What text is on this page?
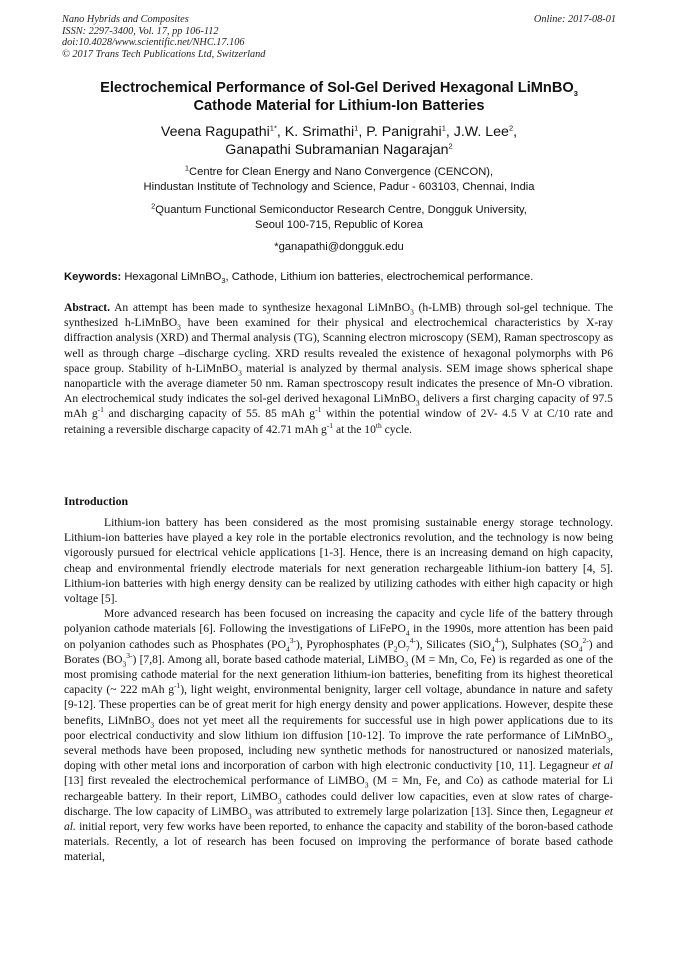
Nano Hybrids and Composites
ISSN: 2297-3400, Vol. 17, pp 106-112
doi:10.4028/www.scientific.net/NHC.17.106
© 2017 Trans Tech Publications Ltd, Switzerland
Online: 2017-08-01
Electrochemical Performance of Sol-Gel Derived Hexagonal LiMnBO$_3$
Cathode Material for Lithium-Ion Batteries
Veena Ragupathi$^{1*}$, K. Srimathi$^1$, P. Panigrahi$^1$, J.W. Lee$^2$,
Ganapathi Subramanian Nagarajan$^2$
$^1$Centre for Clean Energy and Nano Convergence (CENCON),
Hindustan Institute of Technology and Science, Padur - 603103, Chennai, India
$^2$Quantum Functional Semiconductor Research Centre, Dongguk University,
Seoul 100-715, Republic of Korea
*ganapathi@dongguk.edu
Keywords: Hexagonal LiMnBO$_3$, Cathode, Lithium ion batteries, electrochemical performance.
Abstract. An attempt has been made to synthesize hexagonal LiMnBO$_3$ (h-LMB) through sol-gel technique. The synthesized h-LiMnBO$_3$ have been examined for their physical and electrochemical characteristics by X-ray diffraction analysis (XRD) and Thermal analysis (TG), Scanning electron microscopy (SEM), Raman spectroscopy as well as through charge –discharge cycling. XRD results revealed the existence of hexagonal polymorphs with P6 space group. Stability of h-LiMnBO$_3$ material is analyzed by thermal analysis. SEM image shows spherical shape nanoparticle with the average diameter 50 nm. Raman spectroscopy result indicates the presence of Mn-O vibration. An electrochemical study indicates the sol-gel derived hexagonal LiMnBO$_3$ delivers a first charging capacity of 97.5 mAh $g^{-1}$ and discharging capacity of 55. 85 mAh $g^{-1}$ within the potential window of 2V- 4.5 V at C/10 rate and retaining a reversible discharge capacity of 42.71 mAh $g^{-1}$ at the 10th cycle.
Introduction

Lithium-ion battery has been considered as the most promising sustainable energy storage technology. Lithium-ion batteries have played a key role in the portable electronics revolution, and the technology is now being vigorously pursued for electrical vehicle applications [1-3]. Hence, there is an increasing demand on high capacity, cheap and environmental friendly electrode materials for next generation rechargeable lithium-ion battery [4, 5]. Lithium-ion batteries with high energy density can be realized by utilizing cathodes with either high capacity or high voltage [5].

More advanced research has been focused on increasing the capacity and cycle life of the battery through polyanion cathode materials [6]. Following the investigations of LiFePO$_4$ in the 1990s, more attention has been paid on polyanion cathodes such as Phosphates $(PO_4^{3-})$, Pyrophosphates $(P_2O_7^{4-})$, Silicates (SiO$_4^{4-}$), Sulphates $(SO_4^{2-})$ and Borates $(BO_3^{3-})$ [7,8]. Among all, borate based cathode material, LiMBO$_3$ (M = Mn, Co, Fe) is regarded as one of the most promising cathode material for the next generation lithium-ion batteries, benefiting from its highest theoretical capacity (~ 222 mAh $g^{-1}$), light weight, environmental benignity, larger cell voltage, abundance in nature and safety [9-12]. These properties can be of great merit for high energy density and power applications. However, despite these benefits, LiMnBO$_3$ does not yet meet all the requirements for successful use in high power applications due to its poor electrical conductivity and slow lithium ion diffusion [10-12]. To improve the rate performance of LiMnBO$_3$, several methods have been proposed, including new synthetic methods for nanostructured or nanosized materials, doping with other metal ions and incorporation of carbon with high electronic conductivity [10, 11]. Legagneur et al [13] first revealed the electrochemical performance of LiMBO$_3$ (M = Mn, Fe, and Co) as cathode material for Li rechargeable battery. In their report, LiMBO$_3$ cathodes could deliver low capacities, even at slow rates of charge-discharge. The low capacity of LiMBO$_3$ was attributed to extremely large polarization [13]. Since then, Legagneur et al. initial report, very few works have been reported, to enhance the capacity and stability of the boron-based cathode materials. Recently, a lot of research has been focused on improving the performance of borate based cathode material,
